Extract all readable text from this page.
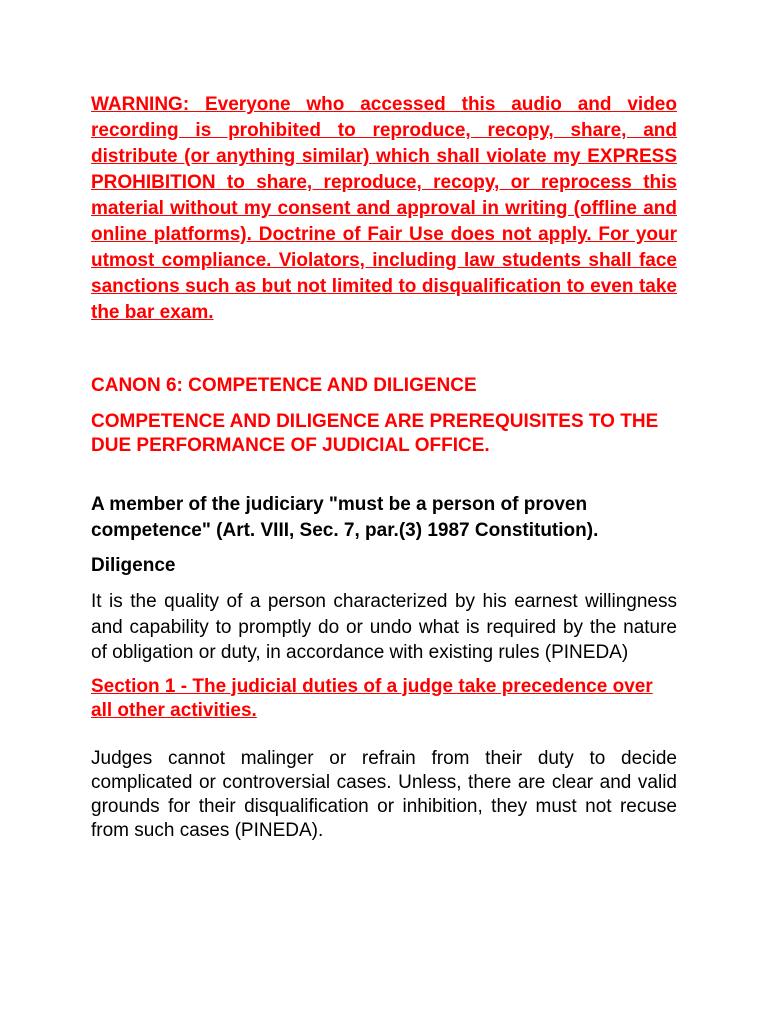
WARNING: Everyone who accessed this audio and video recording is prohibited to reproduce, recopy, share, and distribute (or anything similar) which shall violate my EXPRESS PROHIBITION to share, reproduce, recopy, or reprocess this material without my consent and approval in writing (offline and online platforms). Doctrine of Fair Use does not apply. For your utmost compliance. Violators, including law students shall face sanctions such as but not limited to disqualification to even take the bar exam.

CANON 6: COMPETENCE AND DILIGENCE

COMPETENCE AND DILIGENCE ARE PREREQUISITES TO THE DUE PERFORMANCE OF JUDICIAL OFFICE.

A member of the judiciary "must be a person of proven competence" (Art. VIII, Sec. 7, par.(3) 1987 Constitution).

Diligence

It is the quality of a person characterized by his earnest willingness and capability to promptly do or undo what is required by the nature of obligation or duty, in accordance with existing rules (PINEDA)

Section 1 - The judicial duties of a judge take precedence over all other activities.

Judges cannot malinger or refrain from their duty to decide complicated or controversial cases. Unless, there are clear and valid grounds for their disqualification or inhibition, they must not recuse from such cases (PINEDA).
